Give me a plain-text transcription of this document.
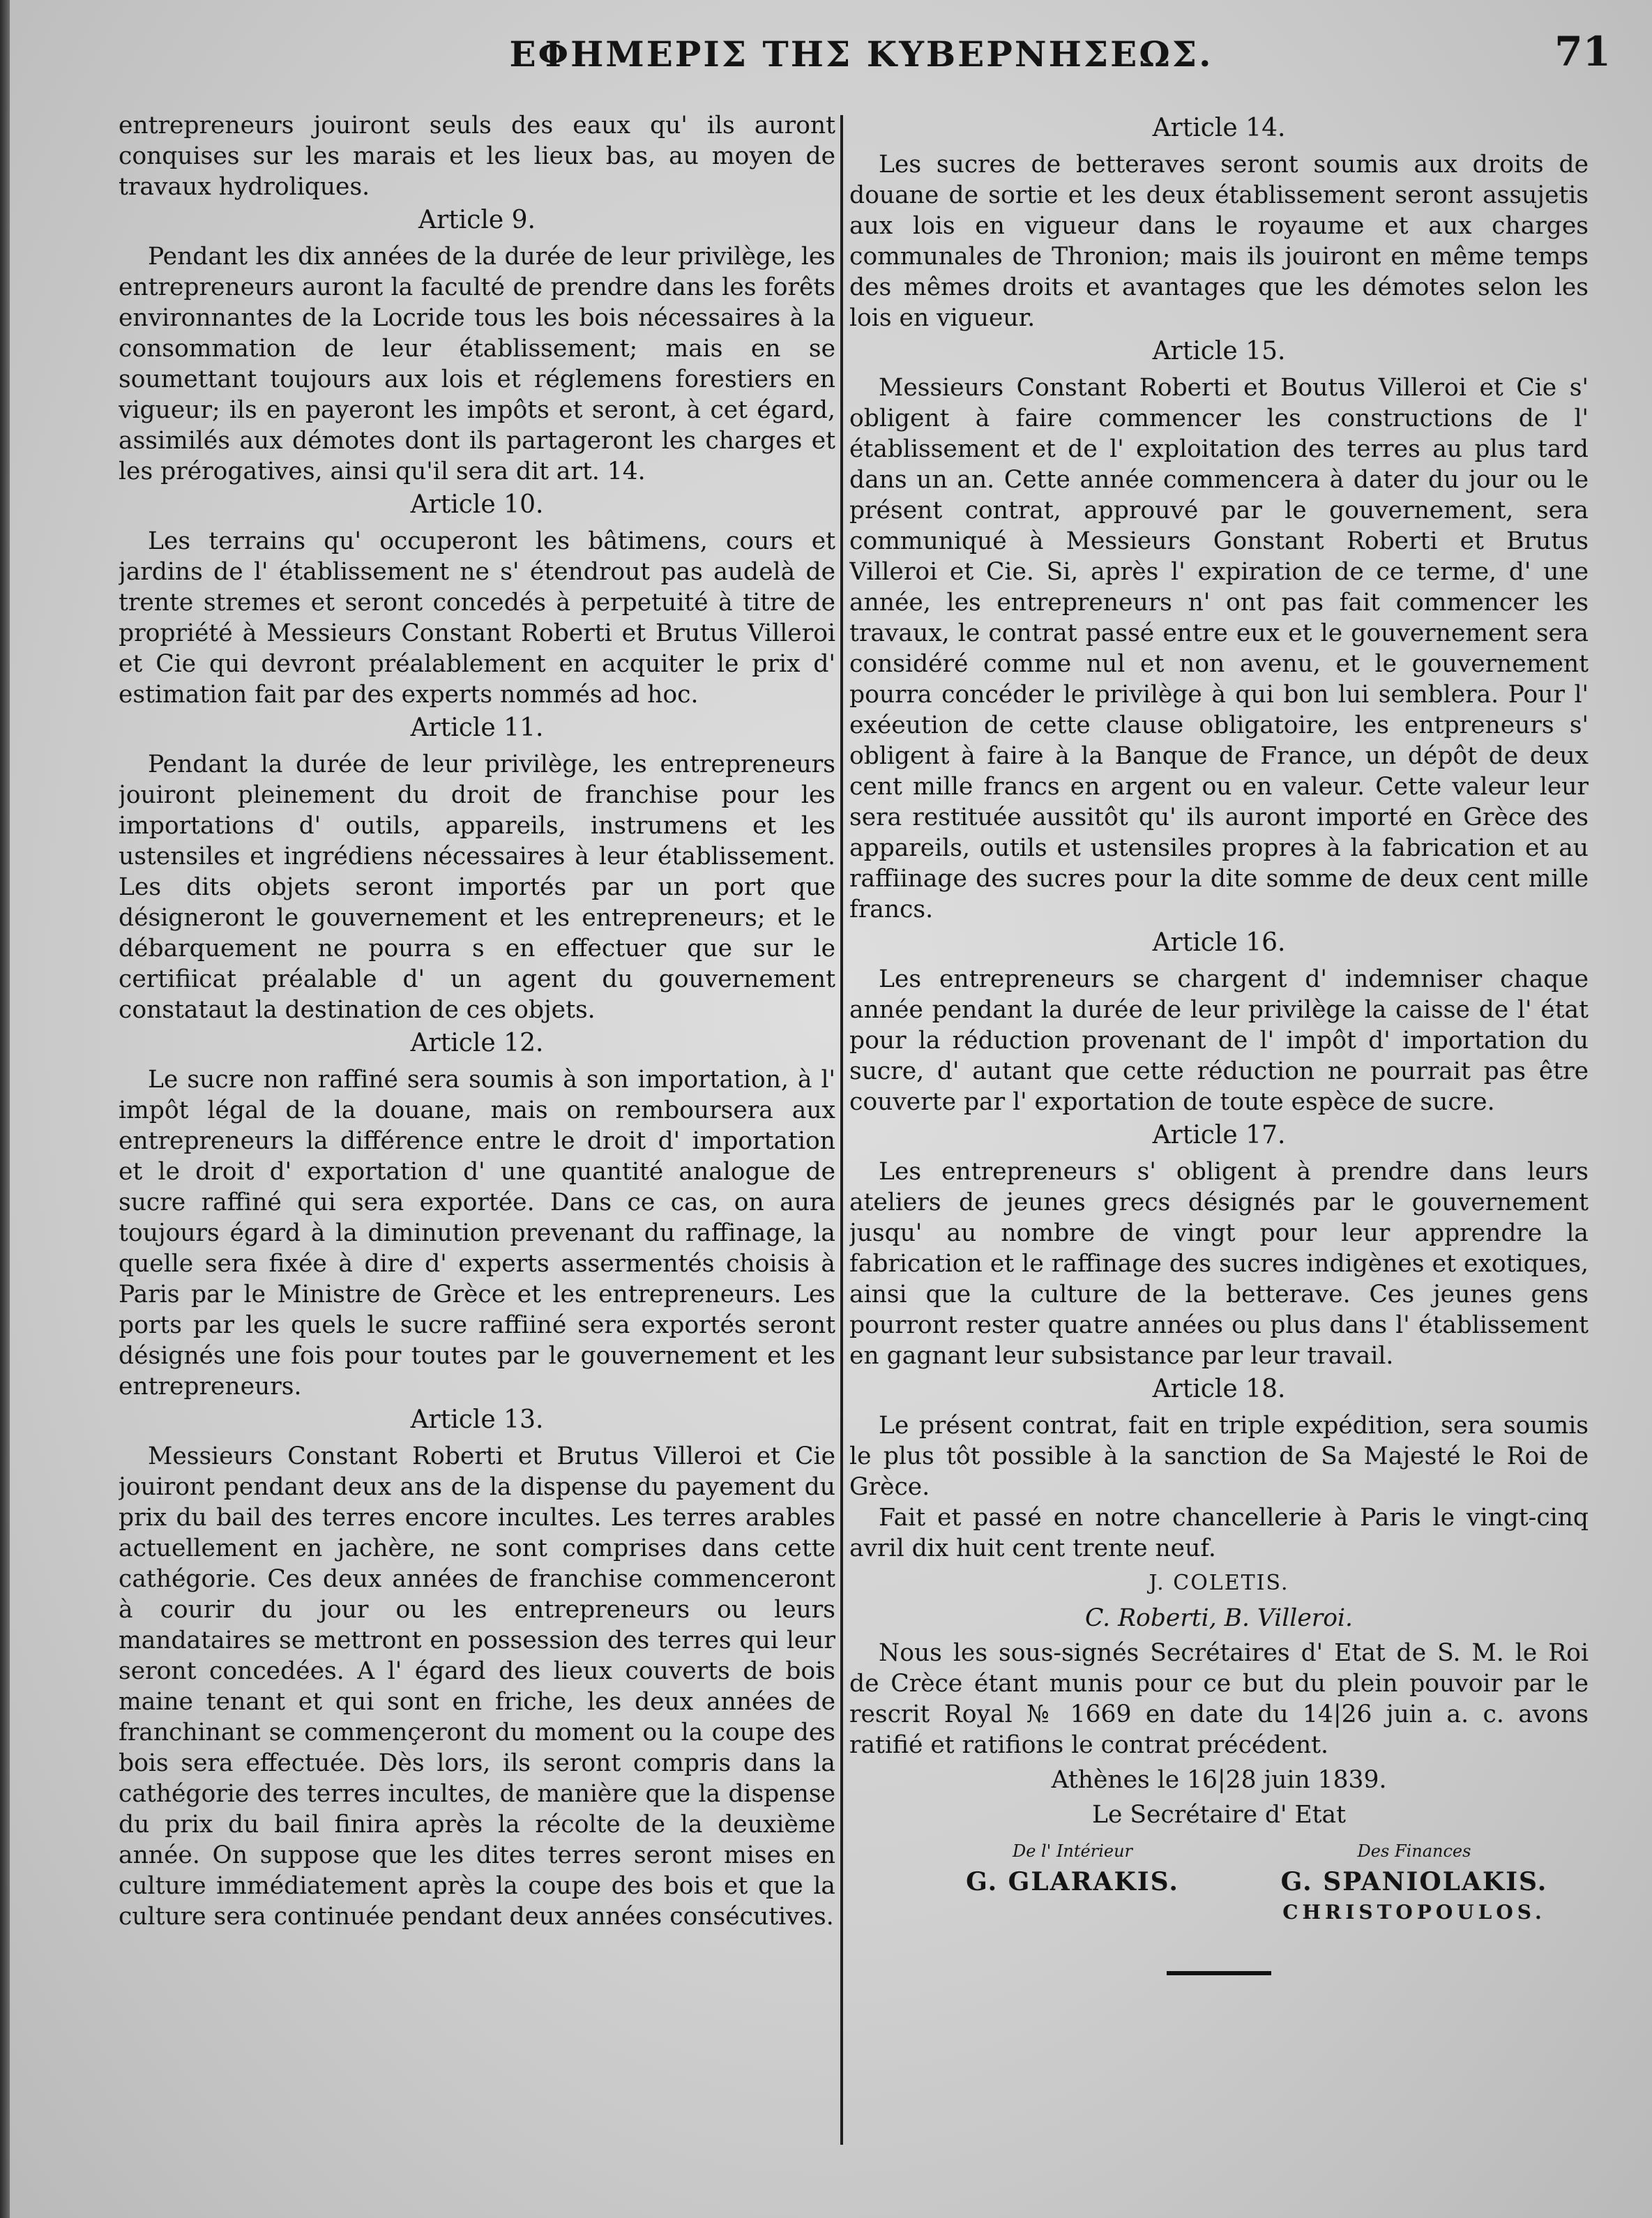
ΕΦΗΜΕΡΙΣ ΤΗΣ ΚΥΒΕΡΝΗΣΕΩΣ.	71

entrepreneurs jouiront seuls des eaux qu' ils auront conquises sur les marais et les lieux bas, au moyen de travaux hydroliques.

Article 9.

Pendant les dix années de la durée de leur privilège, les entrepreneurs auront la faculté de prendre dans les forêts environnantes de la Locride tous les bois nécessaires à la consommation de leur établissement; mais en se soumettant toujours aux lois et réglemens forestiers en vigueur; ils en payeront les impôts et seront, à cet égard, assimilés aux démotes dont ils partageront les charges et les prérogatives, ainsi qu'il sera dit art. 14.

Article 10.

Les terrains qu' occuperont les bâtimens, cours et jardins de l' établissement ne s' étendrout pas audelà de trente stremes et seront concedés à perpetuité à titre de propriété à Messieurs Constant Roberti et Brutus Villeroi et Cie qui devront préalablement en acquiter le prix d' estimation fait par des experts nommés ad hoc.

Article 11.

Pendant la durée de leur privilège, les entrepreneurs jouiront pleinement du droit de franchise pour les importations d' outils, appareils, instrumens et les ustensiles et ingrédiens nécessaires à leur établissement. Les dits objets seront importés par un port que désigneront le gouvernement et les entrepreneurs; et le débarquement ne pourra s en effectuer que sur le certifiicat préalable d' un agent du gouvernement constataut la destination de ces objets.

Article 12.

Le sucre non raffiné sera soumis à son importation, à l' impôt légal de la douane, mais on remboursera aux entrepreneurs la différence entre le droit d' importation et le droit d' exportation d' une quantité analogue de sucre raffiné qui sera exportée. Dans ce cas, on aura toujours égard à la diminution prevenant du raffinage, la quelle sera fixée à dire d' experts assermentés choisis à Paris par le Ministre de Grèce et les entrepreneurs. Les ports par les quels le sucre raffiiné sera exportés seront désignés une fois pour toutes par le gouvernement et les entrepreneurs.

Article 13.

Messieurs Constant Roberti et Brutus Villeroi et Cie jouiront pendant deux ans de la dispense du payement du prix du bail des terres encore incultes. Les terres arables actuellement en jachère, ne sont comprises dans cette cathégorie. Ces deux années de franchise commenceront à courir du jour ou les entrepreneurs ou leurs mandataires se mettront en possession des terres qui leur seront concedées. A l' égard des lieux couverts de bois maine tenant et qui sont en friche, les deux années de franchinant se commençeront du moment ou la coupe des bois sera effectuée. Dès lors, ils seront compris dans la cathégorie des terres incultes, de manière que la dispense du prix du bail finira après la récolte de la deuxième année. On suppose que les dites terres seront mises en culture immédiatement après la coupe des bois et que la culture sera continuée pendant deux années consécutives.

Article 14.

Les sucres de betteraves seront soumis aux droits de douane de sortie et les deux établissement seront assujetis aux lois en vigueur dans le royaume et aux charges communales de Thronion; mais ils jouiront en même temps des mêmes droits et avantages que les démotes selon les lois en vigueur.

Article 15.

Messieurs Constant Roberti et Boutus Villeroi et Cie s' obligent à faire commencer les constructions de l' établissement et de l' exploitation des terres au plus tard dans un an. Cette année commencera à dater du jour ou le présent contrat, approuvé par le gouvernement, sera communiqué à Messieurs Gonstant Roberti et Brutus Villeroi et Cie. Si, après l' expiration de ce terme, d' une année, les entrepreneurs n' ont pas fait commencer les travaux, le contrat passé entre eux et le gouvernement sera considéré comme nul et non avenu, et le gouvernement pourra concéder le privilège à qui bon lui semblera. Pour l' exéeution de cette clause obligatoire, les entpreneurs s' obligent à faire à la Banque de France, un dépôt de deux cent mille francs en argent ou en valeur. Cette valeur leur sera restituée aussitôt qu' ils auront importé en Grèce des appareils, outils et ustensiles propres à la fabrication et au raffiinage des sucres pour la dite somme de deux cent mille francs.

Article 16.

Les entrepreneurs se chargent d' indemniser chaque année pendant la durée de leur privilège la caisse de l' état pour la réduction provenant de l' impôt d' importation du sucre, d' autant que cette réduction ne pourrait pas être couverte par l' exportation de toute espèce de sucre.

Article 17.

Les entrepreneurs s' obligent à prendre dans leurs ateliers de jeunes grecs désignés par le gouvernement jusqu' au nombre de vingt pour leur apprendre la fabrication et le raffinage des sucres indigènes et exotiques, ainsi que la culture de la betterave. Ces jeunes gens pourront rester quatre années ou plus dans l' établissement en gagnant leur subsistance par leur travail.

Article 18.

Le présent contrat, fait en triple expédition, sera soumis le plus tôt possible à la sanction de Sa Majesté le Roi de Grèce.

Fait et passé en notre chancellerie à Paris le vingt-cinq avril dix huit cent trente neuf.

J. COLETIS.
C. Roberti, B. Villeroi.

Nous les sous-signés Secrétaires d' Etat de S. M. le Roi de Crèce étant munis pour ce but du plein pouvoir par le rescrit Royal № 1669 en date du 14|26 juin a. c. avons ratifié et ratifions le contrat précédent.

Athènes le 16|28 juin 1839.
Le Secrétaire d' Etat
De l' Intérieur
G. GLARAKIS.
Des Finances
G. SPANIOLAKIS.
CHRISTOPOULOS.
